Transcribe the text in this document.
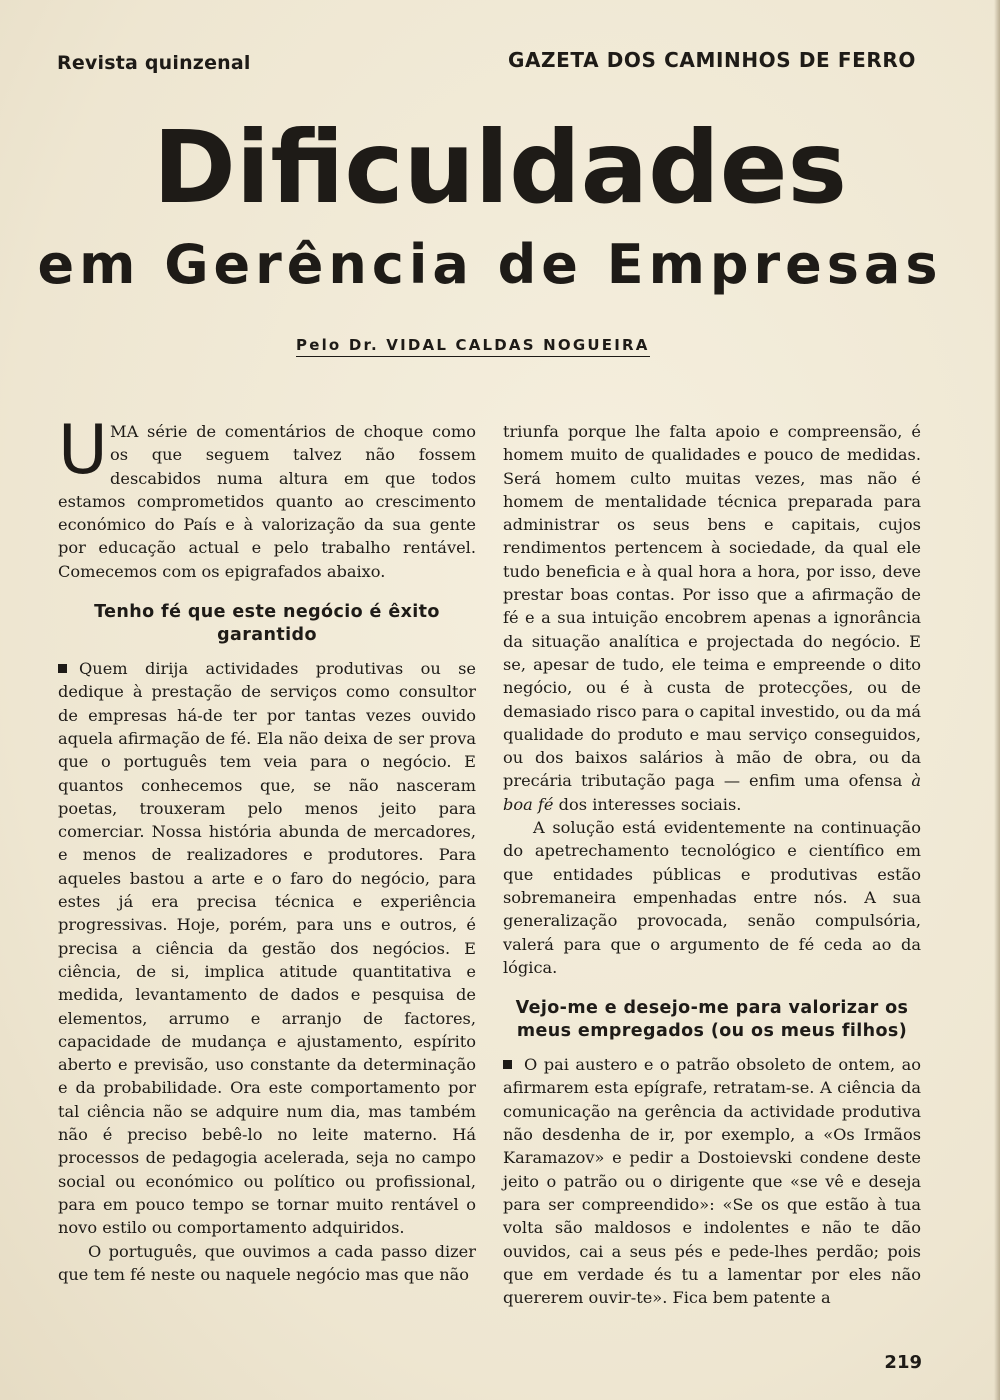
Revista quinzenal	GAZETA DOS CAMINHOS DE FERRO
Dificuldades
em Gerência de Empresas
Pelo Dr. VIDAL CALDAS NOGUEIRA

UMA série de comentários de choque como os que seguem talvez não fossem descabidos numa altura em que todos estamos comprometidos quanto ao crescimento económico do País e à valorização da sua gente por educação actual e pelo trabalho rentável. Comecemos com os epigrafados abaixo.

Tenho fé que este negócio é êxito garantido

Quem dirija actividades produtivas ou se dedique à prestação de serviços como consultor de empresas há-de ter por tantas vezes ouvido aquela afirmação de fé. Ela não deixa de ser prova que o português tem veia para o negócio. E quantos conhecemos que, se não nasceram poetas, trouxeram pelo menos jeito para comerciar. Nossa história abunda de mercadores, e menos de realizadores e produtores. Para aqueles bastou a arte e o faro do negócio, para estes já era precisa técnica e experiência progressivas. Hoje, porém, para uns e outros, é precisa a ciência da gestão dos negócios. E ciência, de si, implica atitude quantitativa e medida, levantamento de dados e pesquisa de elementos, arrumo e arranjo de factores, capacidade de mudança e ajustamento, espírito aberto e previsão, uso constante da determinação e da probabilidade. Ora este comportamento por tal ciência não se adquire num dia, mas também não é preciso bebê-lo no leite materno. Há processos de pedagogia acelerada, seja no campo social ou económico ou político ou profissional, para em pouco tempo se tornar muito rentável o novo estilo ou comportamento adquiridos.

O português, que ouvimos a cada passo dizer que tem fé neste ou naquele negócio mas que não

triunfa porque lhe falta apoio e compreensão, é homem muito de qualidades e pouco de medidas. Será homem culto muitas vezes, mas não é homem de mentalidade técnica preparada para administrar os seus bens e capitais, cujos rendimentos pertencem à sociedade, da qual ele tudo beneficia e à qual hora a hora, por isso, deve prestar boas contas. Por isso que a afirmação de fé e a sua intuição encobrem apenas a ignorância da situação analítica e projectada do negócio. E se, apesar de tudo, ele teima e empreende o dito negócio, ou é à custa de protecções, ou de demasiado risco para o capital investido, ou da má qualidade do produto e mau serviço conseguidos, ou dos baixos salários à mão de obra, ou da precária tributação paga — enfim uma ofensa à boa fé dos interesses sociais.

A solução está evidentemente na continuação do apetrechamento tecnológico e científico em que entidades públicas e produtivas estão sobremaneira empenhadas entre nós. A sua generalização provocada, senão compulsória, valerá para que o argumento de fé ceda ao da lógica.

Vejo-me e desejo-me para valorizar os meus empregados (ou os meus filhos)

O pai austero e o patrão obsoleto de ontem, ao afirmarem esta epígrafe, retratam-se. A ciência da comunicação na gerência da actividade produtiva não desdenha de ir, por exemplo, a «Os Irmãos Karamazov» e pedir a Dostoievski condene deste jeito o patrão ou o dirigente que «se vê e deseja para ser compreendido»: «Se os que estão à tua volta são maldosos e indolentes e não te dão ouvidos, cai a seus pés e pede-lhes perdão; pois que em verdade és tu a lamentar por eles não quererem ouvir-te». Fica bem patente a

219
